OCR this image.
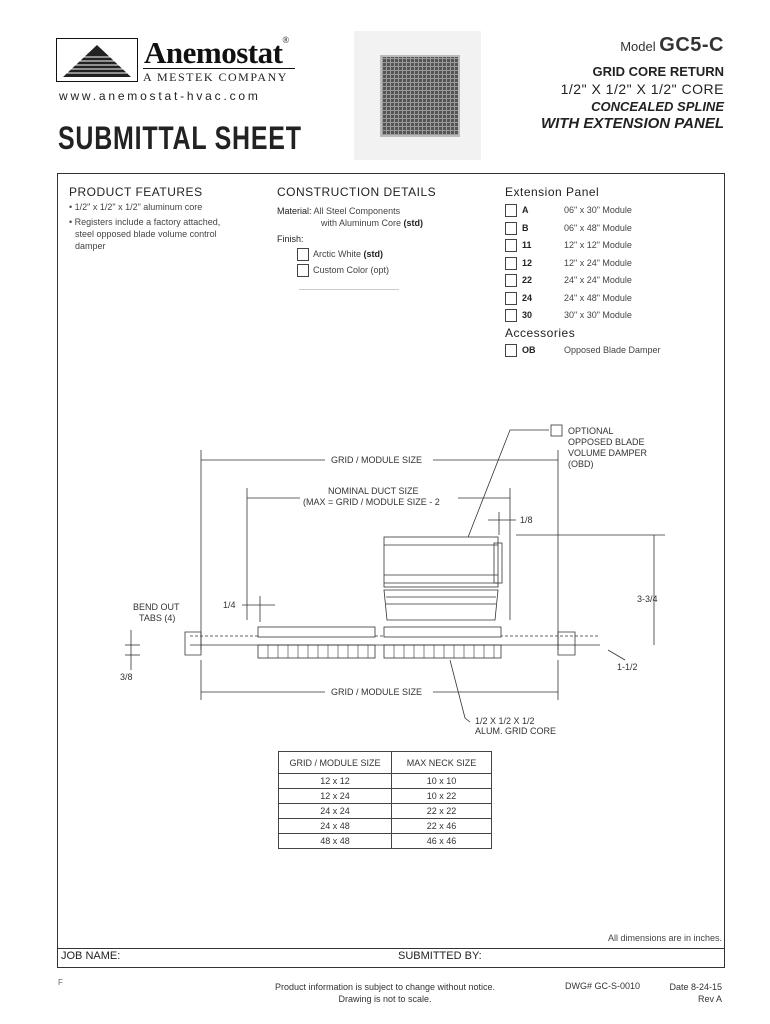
Anemostat®
A MESTEK COMPANY
www.anemostat-hvac.com
SUBMITTAL SHEET
Model GC5-C
GRID CORE RETURN
1/2" X 1/2" X 1/2" CORE
CONCEALED SPLINE
WITH EXTENSION PANEL
PRODUCT FEATURES
• 1/2" x 1/2" x 1/2" aluminum core
• Registers include a factory attached,
steel opposed blade volume control
damper
CONSTRUCTION DETAILS
Material: All Steel Components
with Aluminum Core (std)
Finish:
Arctic White (std)
Custom Color (opt)
Extension Panel
A	06" x 30" Module
B	06" x 48" Module
11	12" x 12" Module
12	12" x 24" Module
22	24" x 24" Module
24	24" x 48" Module
30	30" x 30" Module
Accessories
OB	Opposed Blade Damper
GRID / MODULE SIZE
NOMINAL DUCT SIZE
(MAX = GRID / MODULE SIZE - 2
1/8
1/4
3-3/4
1-1/2
3/8
BEND OUT
TABS (4)
GRID / MODULE SIZE
1/2 X 1/2 X 1/2
ALUM. GRID CORE
OPTIONAL
OPPOSED BLADE
VOLUME DAMPER
(OBD)
GRID / MODULE SIZE	MAX NECK SIZE
12 x 12	10 x 10
12 x 24	10 x 22
24 x 24	22 x 22
24 x 48	22 x 46
48 x 48	46 x 46
All dimensions are in inches.
JOB NAME:	SUBMITTED BY:
F	Product information is subject to change without notice.
Drawing is not to scale.
DWG# GC-S-0010	Date 8-24-15
Rev A
